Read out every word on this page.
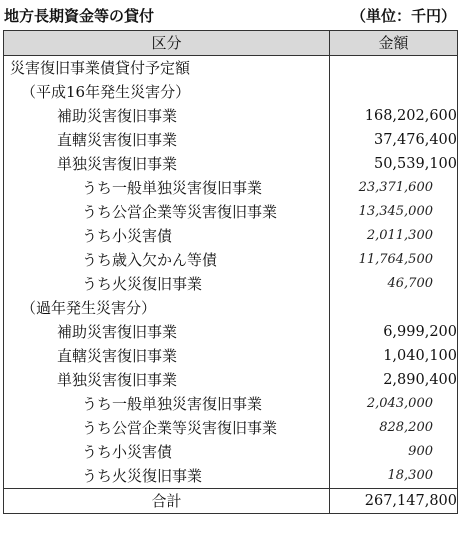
地方長期資金等の貸付	（単位：千円）
区分	金額
災害復旧事業債貸付予定額	
（平成16年発生災害分）	
補助災害復旧事業	168,202,600
直轄災害復旧事業	37,476,400
単独災害復旧事業	50,539,100
うち一般単独災害復旧事業	23,371,600
うち公営企業等災害復旧事業	13,345,000
うち小災害債	2,011,300
うち歳入欠かん等債	11,764,500
うち火災復旧事業	46,700
（過年発生災害分）	
補助災害復旧事業	6,999,200
直轄災害復旧事業	1,040,100
単独災害復旧事業	2,890,400
うち一般単独災害復旧事業	2,043,000
うち公営企業等災害復旧事業	828,200
うち小災害債	900
うち火災復旧事業	18,300
合計	267,147,800
